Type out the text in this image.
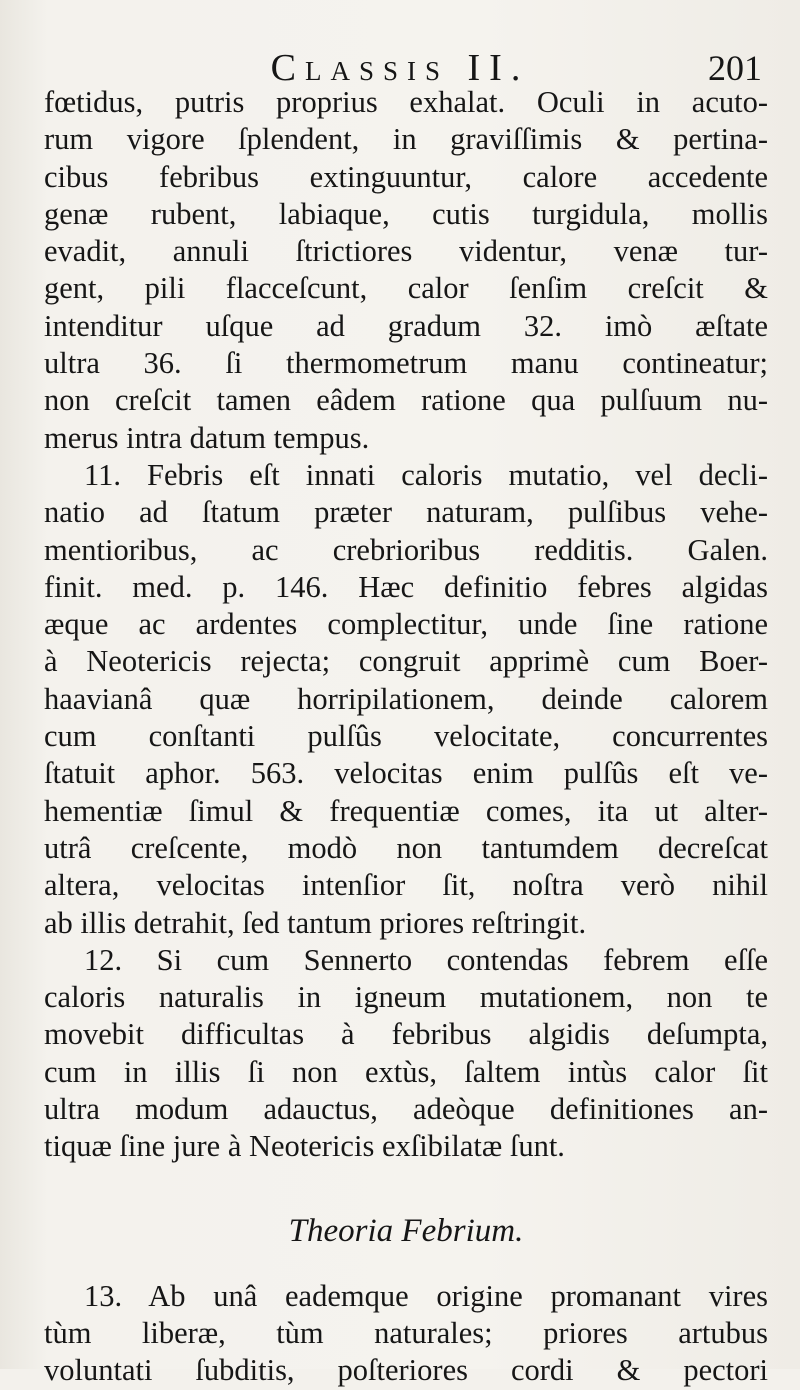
Classis II.	201
fœtidus, putris proprius exhalat. Oculi in acuto-
rum vigore ſplendent, in graviſſimis & pertina-
cibus febribus extinguuntur, calore accedente
genæ rubent, labiaque, cutis turgidula, mollis
evadit, annuli ſtrictiores videntur, venæ tur-
gent, pili flacceſcunt, calor ſenſim creſcit &
intenditur uſque ad gradum 32. imò æſtate
ultra 36. ſi thermometrum manu contineatur;
non creſcit tamen eâdem ratione qua pulſuum nu-
merus intra datum tempus.
11. Febris eſt innati caloris mutatio, vel decli-
natio ad ſtatum præter naturam, pulſibus vehe-
mentioribus, ac crebrioribus redditis. Galen.
finit. med. p. 146. Hæc definitio febres algidas
æque ac ardentes complectitur, unde ſine ratione
à Neotericis rejecta; congruit apprimè cum Boer-
haavianâ quæ horripilationem, deinde calorem
cum conſtanti pulſûs velocitate, concurrentes
ſtatuit aphor. 563. velocitas enim pulſûs eſt ve-
hementiæ ſimul & frequentiæ comes, ita ut alter-
utrâ creſcente, modò non tantumdem decreſcat
altera, velocitas intenſior ſit, noſtra verò nihil
ab illis detrahit, ſed tantum priores reſtringit.
12. Si cum Sennerto contendas febrem eſſe
caloris naturalis in igneum mutationem, non te
movebit difficultas à febribus algidis deſumpta,
cum in illis ſi non extùs, ſaltem intùs calor ſit
ultra modum adauctus, adeòque definitiones an-
tiquæ ſine jure à Neotericis exſibilatæ ſunt.
Theoria Febrium.
13. Ab unâ eademque origine promanant vires
tùm liberæ, tùm naturales; priores artubus
voluntati ſubditis, poſteriores cordi & pectori
